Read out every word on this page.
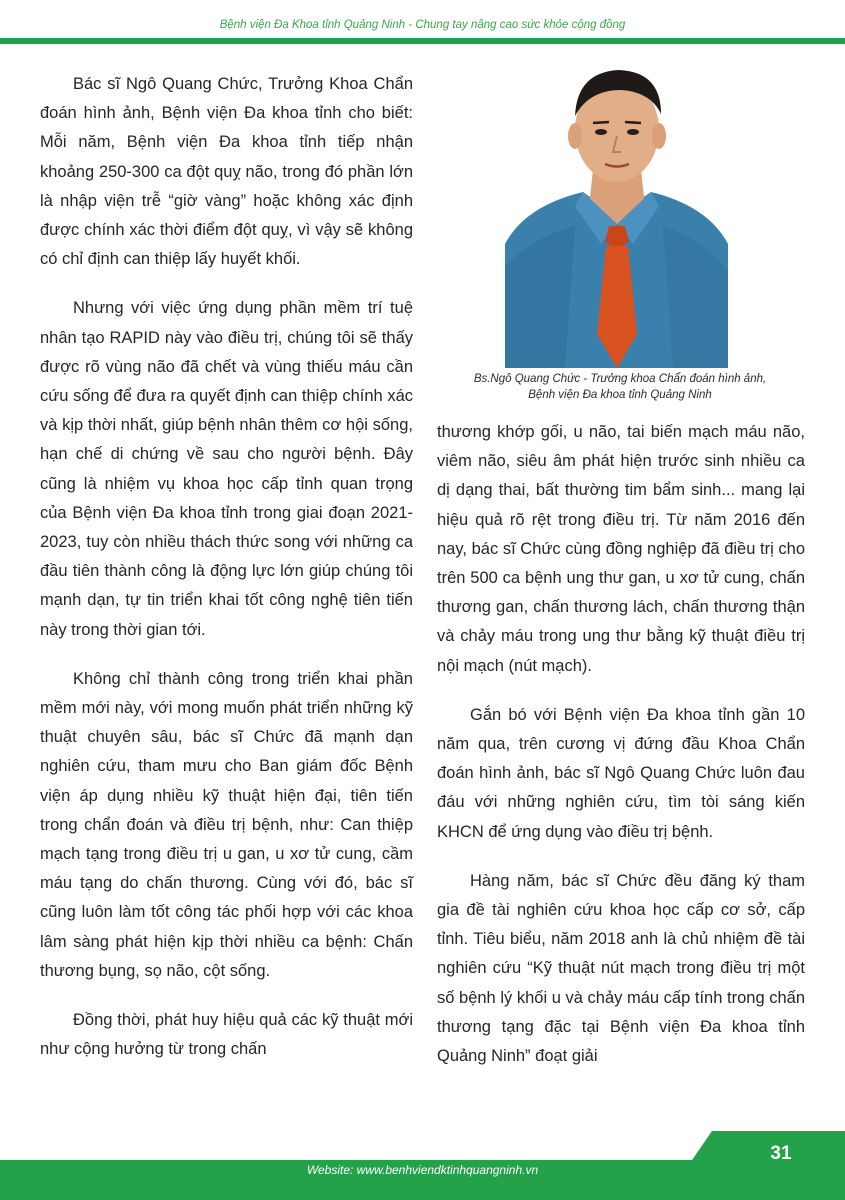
Bệnh viện Đa Khoa tỉnh Quảng Ninh - Chung tay nâng cao sức khỏe cộng đồng

Bác sĩ Ngô Quang Chức, Trưởng Khoa Chẩn đoán hình ảnh, Bệnh viện Đa khoa tỉnh cho biết: Mỗi năm, Bệnh viện Đa khoa tỉnh tiếp nhận khoảng 250-300 ca đột quỵ não, trong đó phần lớn là nhập viện trễ “giờ vàng” hoặc không xác định được chính xác thời điểm đột quỵ, vì vậy sẽ không có chỉ định can thiệp lấy huyết khối.

Nhưng với việc ứng dụng phần mềm trí tuệ nhân tạo RAPID này vào điều trị, chúng tôi sẽ thấy được rõ vùng não đã chết và vùng thiếu máu cần cứu sống để đưa ra quyết định can thiệp chính xác và kịp thời nhất, giúp bệnh nhân thêm cơ hội sống, hạn chế di chứng về sau cho người bệnh. Đây cũng là nhiệm vụ khoa học cấp tỉnh quan trọng của Bệnh viện Đa khoa tỉnh trong giai đoạn 2021-2023, tuy còn nhiều thách thức song với những ca đầu tiên thành công là động lực lớn giúp chúng tôi mạnh dạn, tự tin triển khai tốt công nghệ tiên tiến này trong thời gian tới.

Không chỉ thành công trong triển khai phần mềm mới này, với mong muốn phát triển những kỹ thuật chuyên sâu, bác sĩ Chức đã mạnh dạn nghiên cứu, tham mưu cho Ban giám đốc Bệnh viện áp dụng nhiều kỹ thuật hiện đại, tiên tiến trong chẩn đoán và điều trị bệnh, như: Can thiệp mạch tạng trong điều trị u gan, u xơ tử cung, cầm máu tạng do chấn thương. Cùng với đó, bác sĩ cũng luôn làm tốt công tác phối hợp với các khoa lâm sàng phát hiện kịp thời nhiều ca bệnh: Chấn thương bụng, sọ não, cột sống.

Đồng thời, phát huy hiệu quả các kỹ thuật mới như cộng hưởng từ trong chấn

Bs.Ngô Quang Chức - Trưởng khoa Chẩn đoán hình ảnh,
Bệnh viện Đa khoa tỉnh Quảng Ninh

thương khớp gối, u não, tai biến mạch máu não, viêm não, siêu âm phát hiện trước sinh nhiều ca dị dạng thai, bất thường tim bẩm sinh... mang lại hiệu quả rõ rệt trong điều trị. Từ năm 2016 đến nay, bác sĩ Chức cùng đồng nghiệp đã điều trị cho trên 500 ca bệnh ung thư gan, u xơ tử cung, chấn thương gan, chấn thương lách, chấn thương thận và chảy máu trong ung thư bằng kỹ thuật điều trị nội mạch (nút mạch).

Gắn bó với Bệnh viện Đa khoa tỉnh gần 10 năm qua, trên cương vị đứng đầu Khoa Chẩn đoán hình ảnh, bác sĩ Ngô Quang Chức luôn đau đáu với những nghiên cứu, tìm tòi sáng kiến KHCN để ứng dụng vào điều trị bệnh.

Hàng năm, bác sĩ Chức đều đăng ký tham gia đề tài nghiên cứu khoa học cấp cơ sở, cấp tỉnh. Tiêu biểu, năm 2018 anh là chủ nhiệm đề tài nghiên cứu “Kỹ thuật nút mạch trong điều trị một số bệnh lý khối u và chảy máu cấp tính trong chấn thương tạng đặc tại Bệnh viện Đa khoa tỉnh Quảng Ninh” đoạt giải

Website: www.benhviendktinhquangninh.vn
31
